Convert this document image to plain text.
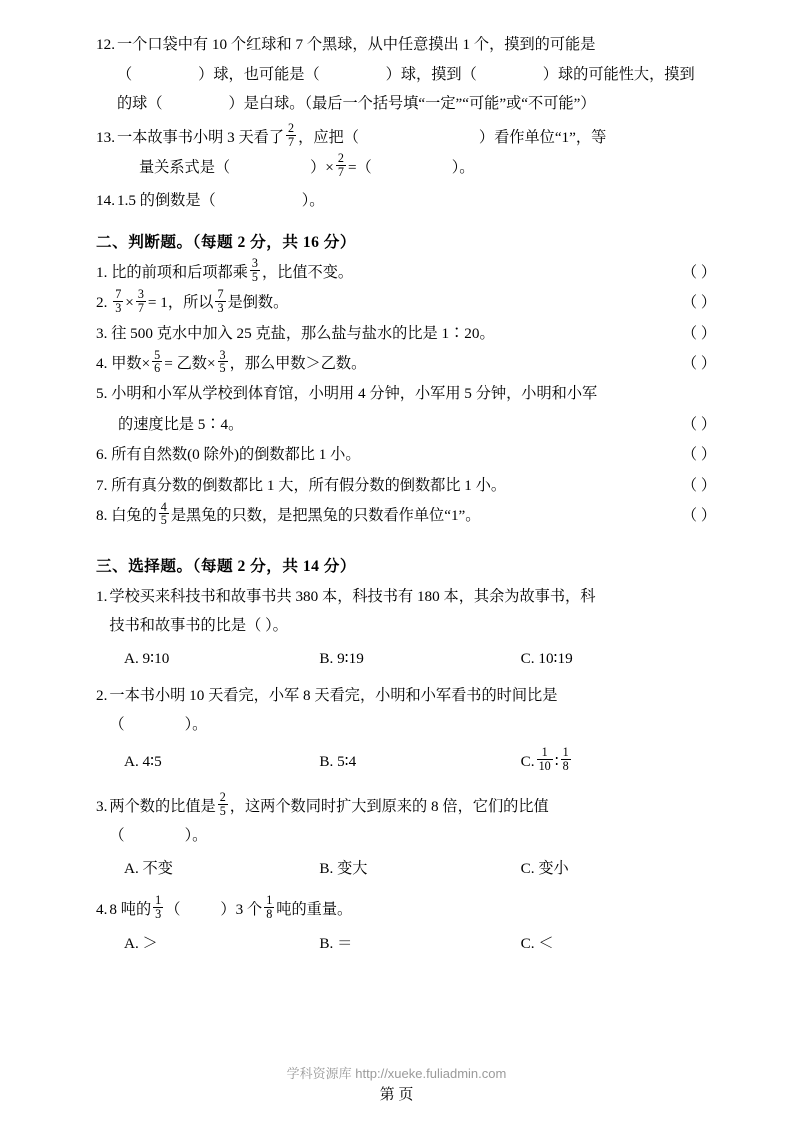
12. 一个口袋中有 10 个红球和 7 个黑球，从中任意摸出 1 个，摸到的可能是
（	）球，也可能是（	）球，摸到（	）球的可能性大，摸到
的球（	）是白球。（最后一个括号填“一定”“可能”或“不可能”）
13. 一本故事书小明 3 天看了 $\frac{2}{7}$ ，应把（	）看作单位“1”，等
量关系式是（	）× $\frac{2}{7}$ =（	）。
14. 1.5 的倒数是（	）。
二、判断题。（每题 2 分，共 16 分）
1. 比的前项和后项都乘 $\frac{3}{5}$ ，比值不变。	（ ）
2. $\frac{7}{3} \times \frac{3}{7} = 1$，所以 $\frac{7}{3}$ 是倒数。	（ ）
3. 往 500 克水中加入 25 克盐，那么盐与盐水的比是 1∶20。	（ ）
4. 甲数× $\frac{5}{6}$ = 乙数× $\frac{3}{5}$ ，那么甲数＞乙数。	（ ）
5. 小明和小军从学校到体育馆，小明用 4 分钟，小军用 5 分钟，小明和小军
的速度比是 5∶4。	（ ）
6. 所有自然数(0 除外)的倒数都比 1 小。	（ ）
7. 所有真分数的倒数都比 1 大，所有假分数的倒数都比 1 小。	（ ）
8. 白兔的 $\frac{4}{5}$ 是黑兔的只数，是把黑兔的只数看作单位“1”。	（ ）
三、选择题。（每题 2 分，共 14 分）
1. 学校买来科技书和故事书共 380 本，科技书有 180 本，其余为故事书，科
技书和故事书的比是（ ）。
A. 9∶10	B. 9∶19	C. 10∶19
2. 一本书小明 10 天看完，小军 8 天看完，小明和小军看书的时间比是
（	）。
A. 4∶5	B. 5∶4	C. $\frac{1}{10}$ ∶ $\frac{1}{8}$
3. 两个数的比值是 $\frac{2}{5}$ ，这两个数同时扩大到原来的 8 倍，它们的比值
（	）。
A. 不变	B. 变大	C. 变小
4. 8 吨的 $\frac{1}{3}$ （	）3 个 $\frac{1}{8}$ 吨的重量。
A. ＞	B. ＝	C. ＜
学科资源库 http://xueke.fuliadmin.com
第 页
